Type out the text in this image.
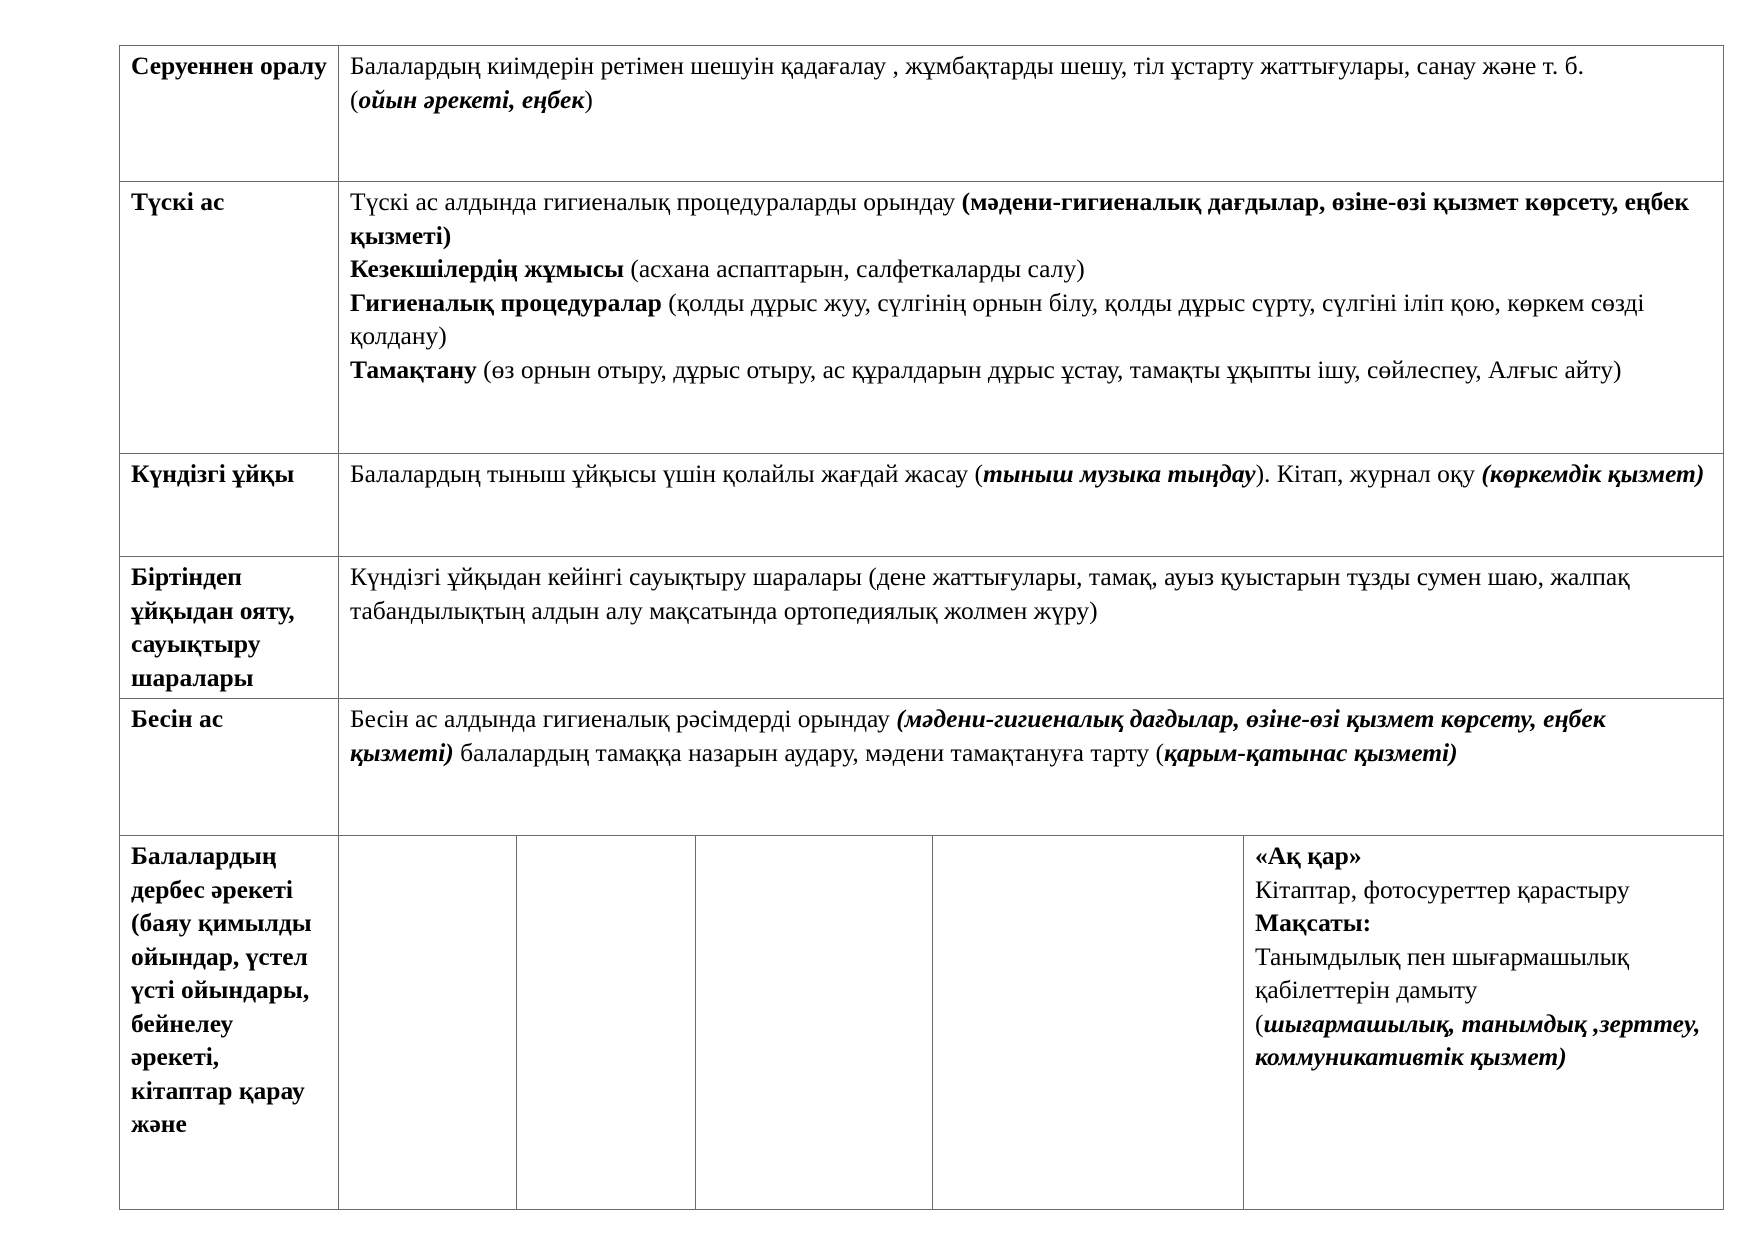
Серуеннен оралу	Балалардың киімдерін ретімен шешуін қадағалау , жұмбақтарды шешу, тіл ұстарту жаттығулары, санау және т. б.
(ойын әрекеті, еңбек)				

Түскі ас	Түскі ас алдында гигиеналық процедураларды орындау (мәдени-гигиеналық дағдылар, өзіне-өзі қызмет көрсету, еңбек қызметі)
Кезекшілердің жұмысы (асхана аспаптарын, салфеткаларды салу)
Гигиеналық процедуралар (қолды дұрыс жуу, сүлгінің орнын білу, қолды дұрыс сүрту, сүлгіні іліп қою, көркем сөзді қолдану)
Тамақтану (өз орнын отыру, дұрыс отыру, ас құралдарын дұрыс ұстау, тамақты ұқыпты ішу, сөйлеспеу, Алғыс айту)				

Күндізгі ұйқы	Балалардың тыныш ұйқысы үшін қолайлы жағдай жасау (тыныш музыка тыңдау). Кітап, журнал оқу (көркемдік қызмет)				
Біртіндеп ұйқыдан ояту, сауықтыру шаралары	Күндізгі ұйқыдан кейінгі сауықтыру шаралары (дене жаттығулары, тамақ, ауыз қуыстарын тұзды сумен шаю, жалпақ табандылықтың алдын алу мақсатында ортопедиялық жолмен жүру)				
Бесін ас	Бесін ас алдында гигиеналық рәсімдерді орындау (мәдени-гигиеналық дағдылар, өзіне-өзі қызмет көрсету, еңбек қызметі) балалардың тамаққа назарын аудару, мәдени тамақтануға тарту (қарым-қатынас қызметі)				
Балалардың дербес әрекеті (баяу қимылды ойындар, үстел үсті ойындары, бейнелеу әрекеті, кітаптар қарау және					«Ақ қар»
Кітаптар, фотосуреттер қарастыру
Мақсаты:
Танымдылық пен шығармашылық қабілеттерін дамыту
(шығармашылық, танымдық ,зерттеу, коммуникативтік қызмет)
